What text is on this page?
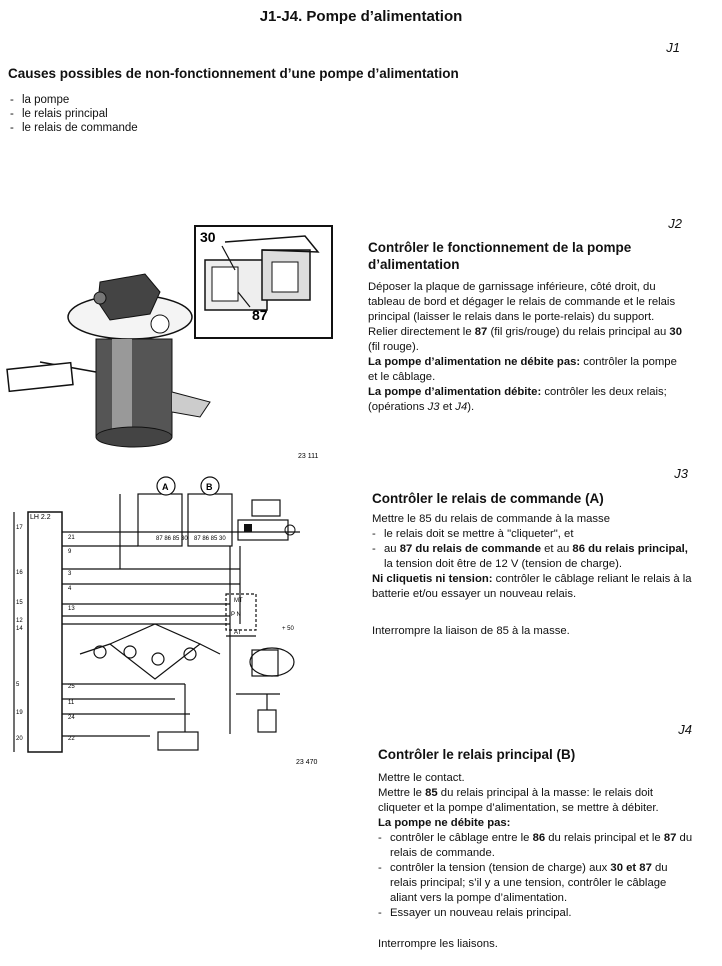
J1-J4. Pompe d’alimentation
J1
Causes possibles de non-fonctionnement d’une pompe d’alimentation
- la pompe
- le relais principal
- le relais de commande
J2
Contrôler le fonctionnement de la pompe d’alimentation

Déposer la plaque de garnissage inférieure, côté droit, du tableau de bord et dégager le relais de commande et le relais principal (laisser le relais dans le porte-relais) du support.

Relier directement le 87 (fil gris/rouge) du relais principal au 30 (fil rouge).

La pompe d’alimentation ne débite pas: contrôler la pompe et le câblage.

La pompe d’alimentation débite: contrôler les deux relais; (opérations J3 et J4).

30
87
23 111
J3
Contrôler le relais de commande (A)

Mettre le 85 du relais de commande à la masse

- le relais doit se mettre à "cliqueter", et
- au 87 du relais de commande et au 86 du relais principal, la tension doit être de 12 V (tension de charge).

Ni cliquetis ni tension: contrôler le câblage reliant le relais à la batterie et/ou essayer un nouveau relais.

Interrompre la liaison de 85 à la masse.

87 86 85 30 87 86 85 30
21
9
3
4
13
25
11
24
22
17
16
15
12
14
5
19
20
A	B
LH 2.2
MT
P N
AT
+ 50
23 470
J4
Contrôler le relais principal (B)

Mettre le contact.

Mettre le 85 du relais principal à la masse: le relais doit cliqueter et la pompe d’alimentation, se mettre à débiter.

La pompe ne débite pas:

- contrôler le câblage entre le 86 du relais principal et le 87 du relais de commande.
- contrôler la tension (tension de charge) aux 30 et 87 du relais principal; s’il y a une tension, contrôler le câblage aliant vers la pompe d’alimentation.
- Essayer un nouveau relais principal.

Interrompre les liaisons.
